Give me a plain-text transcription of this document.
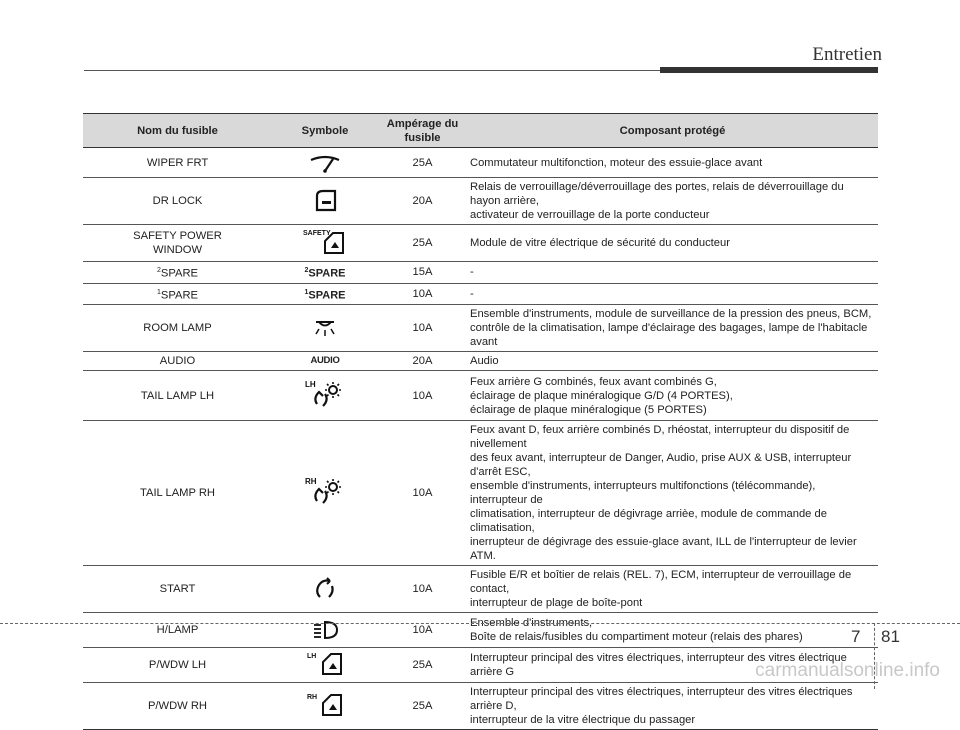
Entretien
Nom du fusible	Symbole	Ampérage du fusible	Composant protégé
WIPER FRT		25A	Commutateur multifonction, moteur des essuie-glace avant
DR LOCK		20A	Relais de verrouillage/déverrouillage des portes, relais de déverrouillage du hayon arrière,
activateur de verrouillage de la porte conducteur
SAFETY POWER
WINDOW	SAFETY	25A	Module de vitre électrique de sécurité du conducteur
$^2$SPARE	$^2$SPARE	15A	-
$^1$SPARE	$^1$SPARE	10A	-
ROOM LAMP		10A	Ensemble d'instruments, module de surveillance de la pression des pneus, BCM,
contrôle de la climatisation, lampe d'éclairage des bagages, lampe de l'habitacle avant
AUDIO	AUDIO	20A	Audio
TAIL LAMP LH	LH	10A	Feux arrière G combinés, feux avant combinés G,
éclairage de plaque minéralogique G/D (4 PORTES),
éclairage de plaque minéralogique (5 PORTES)
TAIL LAMP RH	RH	10A	Feux avant D, feux arrière combinés D, rhéostat, interrupteur du dispositif de nivellement
des feux avant, interrupteur de Danger, Audio, prise AUX & USB, interrupteur d'arrêt ESC,
ensemble d'instruments, interrupteurs multifonctions (télécommande), interrupteur de
climatisation, interrupteur de dégivrage arrièe, module de commande de climatisation,
inerrupteur de dégivrage des essuie-glace avant, ILL de l'interrupteur de levier ATM.
START		10A	Fusible E/R et boîtier de relais (REL. 7), ECM, interrupteur de verrouillage de contact,
interrupteur de plage de boîte-pont
H/LAMP		10A	Ensemble d'instruments,
Boîte de relais/fusibles du compartiment moteur (relais des phares)
P/WDW LH	LH	25A	Interrupteur principal des vitres électriques, interrupteur des vitres électrique arrière G
P/WDW RH	RH	25A	Interrupteur principal des vitres électriques, interrupteur des vitres électriques arrière D,
interrupteur de la vitre électrique du passager
7 81
carmanualsonline.info
